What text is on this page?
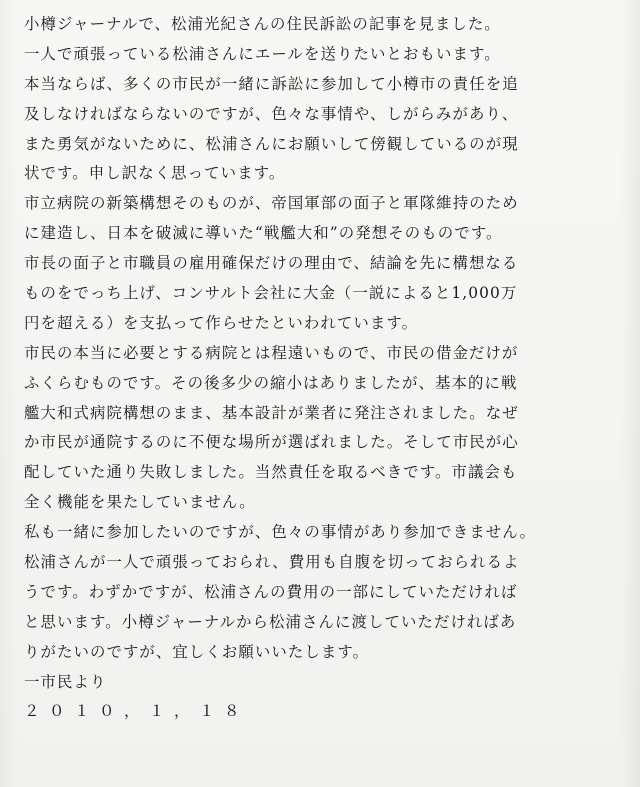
小樽ジャーナルで、松浦光紀さんの住民訴訟の記事を見ました。
一人で頑張っている松浦さんにエールを送りたいとおもいます。
本当ならば、多くの市民が一緒に訴訟に参加して小樽市の責任を追
及しなければならないのですが、色々な事情や、しがらみがあり、
また勇気がないために、松浦さんにお願いして傍観しているのが現
状です。申し訳なく思っています。
市立病院の新築構想そのものが、帝国軍部の面子と軍隊維持のため
に建造し、日本を破滅に導いた“戦艦大和”の発想そのものです。
市長の面子と市職員の雇用確保だけの理由で、結論を先に構想なる
ものをでっち上げ、コンサルト会社に大金（一説によると1,000万
円を超える）を支払って作らせたといわれています。
市民の本当に必要とする病院とは程遠いもので、市民の借金だけが
ふくらむものです。その後多少の縮小はありましたが、基本的に戦
艦大和式病院構想のまま、基本設計が業者に発注されました。なぜ
か市民が通院するのに不便な場所が選ばれました。そして市民が心
配していた通り失敗しました。当然責任を取るべきです。市議会も
全く機能を果たしていません。
私も一緒に参加したいのですが、色々の事情があり参加できません。
松浦さんが一人で頑張っておられ、費用も自腹を切っておられるよ
うです。わずかですが、松浦さんの費用の一部にしていただければ
と思います。小樽ジャーナルから松浦さんに渡していただければあ
りがたいのですが、宜しくお願いいたします。
一市民より
２０１０，１，１８
